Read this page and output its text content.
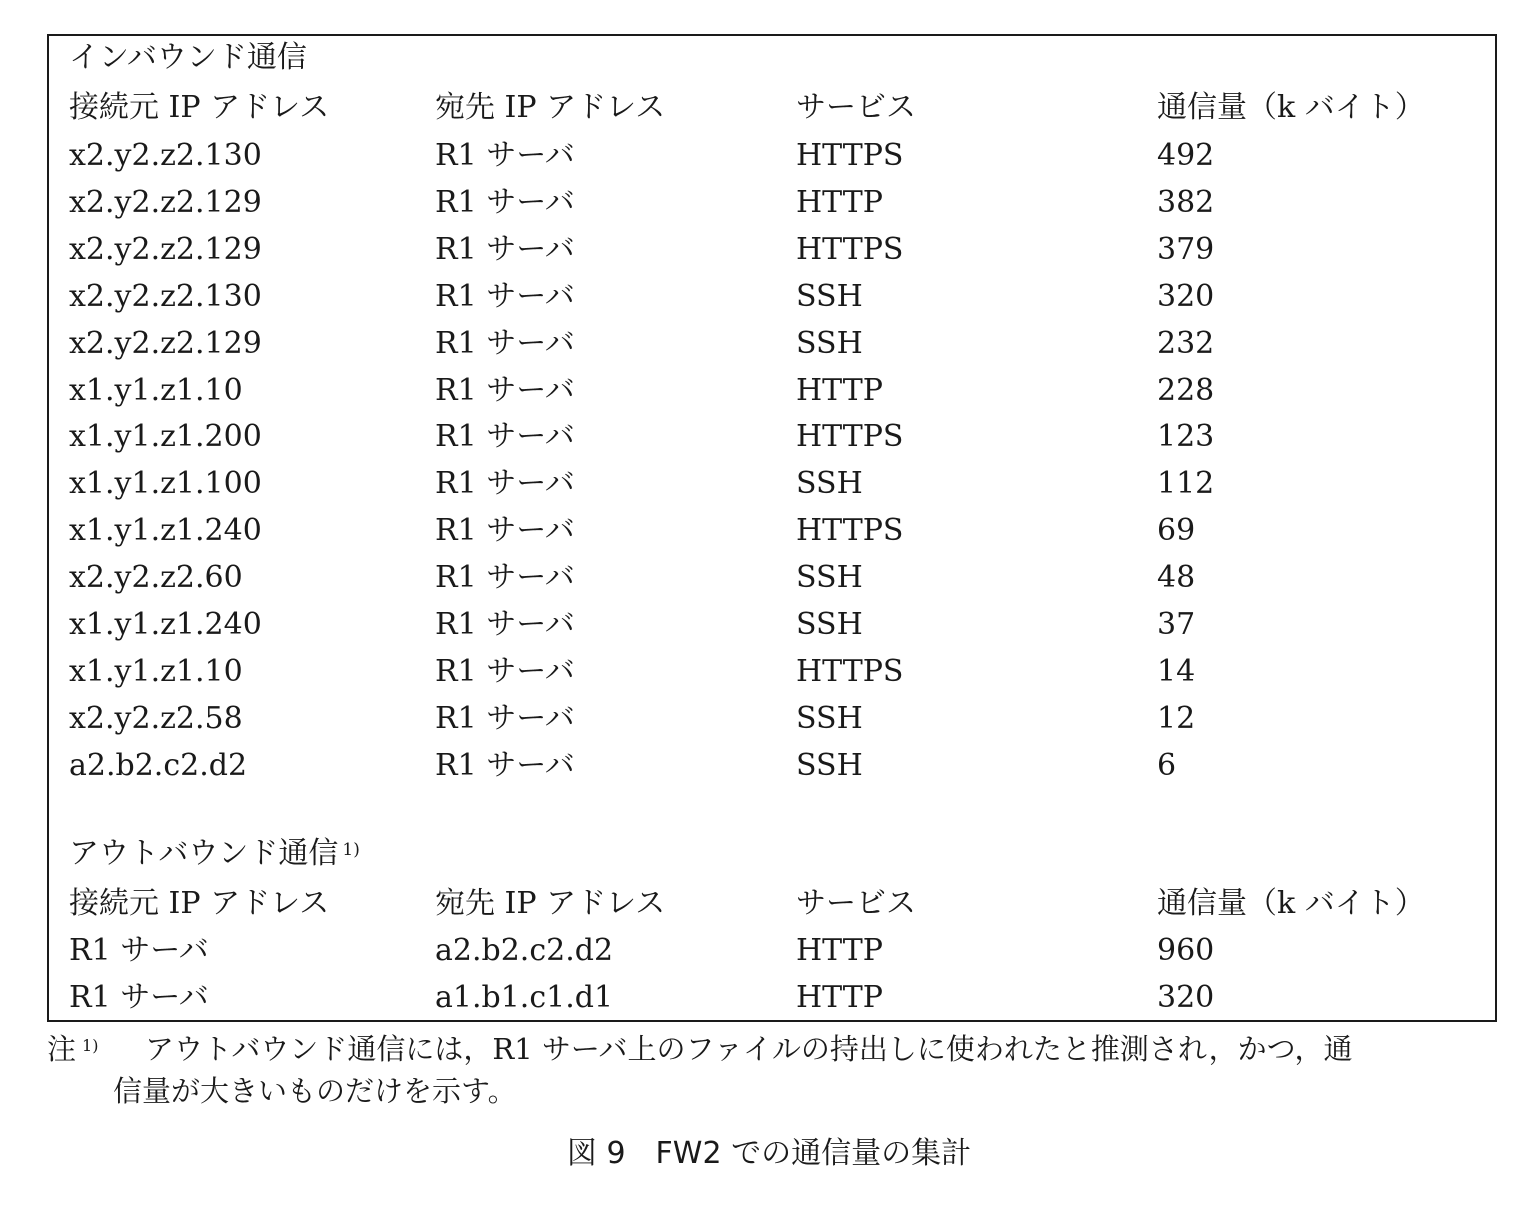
インバウンド通信
接続元 IP アドレス	宛先 IP アドレス	サービス	通信量（k バイト）
x2.y2.z2.130	R1 サーバ	HTTPS	492
x2.y2.z2.129	R1 サーバ	HTTP	382
x2.y2.z2.129	R1 サーバ	HTTPS	379
x2.y2.z2.130	R1 サーバ	SSH	320
x2.y2.z2.129	R1 サーバ	SSH	232
x1.y1.z1.10	R1 サーバ	HTTP	228
x1.y1.z1.200	R1 サーバ	HTTPS	123
x1.y1.z1.100	R1 サーバ	SSH	112
x1.y1.z1.240	R1 サーバ	HTTPS	69
x2.y2.z2.60	R1 サーバ	SSH	48
x1.y1.z1.240	R1 サーバ	SSH	37
x1.y1.z1.10	R1 サーバ	HTTPS	14
x2.y2.z2.58	R1 サーバ	SSH	12
a2.b2.c2.d2	R1 サーバ	SSH	6
アウトバウンド通信 $^{1)}$
接続元 IP アドレス	宛先 IP アドレス	サービス	通信量（k バイト）
R1 サーバ	a2.b2.c2.d2	HTTP	960
R1 サーバ	a1.b1.c1.d1	HTTP	320
注 $^{1)}$ アウトバウンド通信には，R1 サーバ上のファイルの持出しに使われたと推測され，かつ，通
信量が大きいものだけを示す。
図 9　FW2 での通信量の集計
